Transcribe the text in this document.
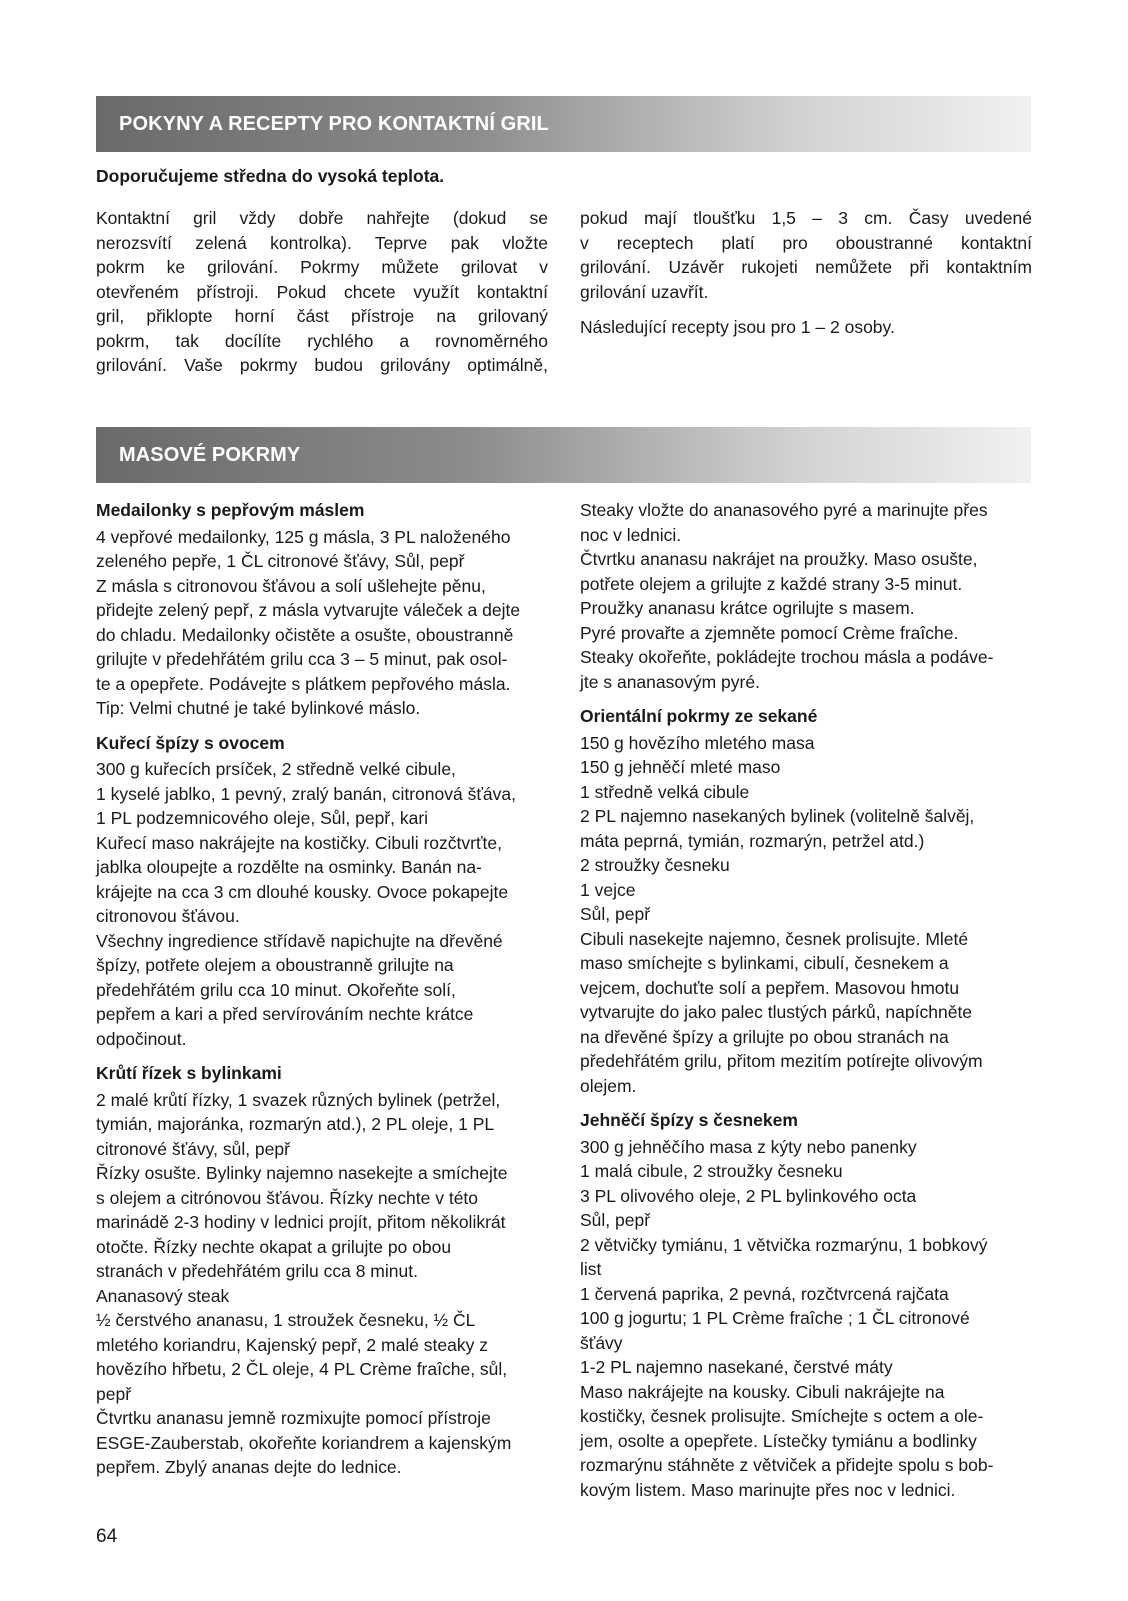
POKYNY A RECEPTY PRO KONTAKTNÍ GRIL
Doporučujeme středna do vysoká teplota.

Kontaktní gril vždy dobře nahřejte (dokud se

nerozsvítí zelená kontrolka). Teprve pak vložte

pokrm ke grilování. Pokrmy můžete grilovat v

otevřeném přístroji. Pokud chcete využít kontaktní

gril, přiklopte horní část přístroje na grilovaný

pokrm, tak docílíte rychlého a rovnoměrného

grilování. Vaše pokrmy budou grilovány optimálně,

pokud mají tloušťku 1,5 – 3 cm. Časy uvedené

v receptech platí pro oboustranné kontaktní

grilování. Uzávěr rukojeti nemůžete při kontaktním

grilování uzavřít.

Následující recepty jsou pro 1 – 2 osoby.

MASOVÉ POKRMY

Medailonky s pepřovým máslem

4 vepřové medailonky, 125 g másla, 3 PL naloženého

zeleného pepře, 1 ČL citronové šťávy, Sůl, pepř

Z másla s citronovou šťávou a solí ušlehejte pěnu,

přidejte zelený pepř, z másla vytvarujte váleček a dejte

do chladu. Medailonky očistěte a osušte, oboustranně

grilujte v předehřátém grilu cca 3 – 5 minut, pak osol-

te a opepřete. Podávejte s plátkem pepřového másla.

Tip: Velmi chutné je také bylinkové máslo.

Kuřecí špízy s ovocem

300 g kuřecích prsíček, 2 středně velké cibule,

1 kyselé jablko, 1 pevný, zralý banán, citronová šťáva,

1 PL podzemnicového oleje, Sůl, pepř, kari

Kuřecí maso nakrájejte na kostičky. Cibuli rozčtvrťte,

jablka oloupejte a rozdělte na osminky. Banán na-

krájejte na cca 3 cm dlouhé kousky. Ovoce pokapejte

citronovou šťávou.

Všechny ingredience střídavě napichujte na dřevěné

špízy, potřete olejem a oboustranně grilujte na

předehřátém grilu cca 10 minut. Okořeňte solí,

pepřem a kari a před servírováním nechte krátce

odpočinout.

Krůtí řízek s bylinkami

2 malé krůtí řízky, 1 svazek různých bylinek (petržel,

tymián, majoránka, rozmarýn atd.), 2 PL oleje, 1 PL

citronové šťávy, sůl, pepř

Řízky osušte. Bylinky najemno nasekejte a smíchejte

s olejem a citrónovou šťávou. Řízky nechte v této

marinádě 2-3 hodiny v lednici projít, přitom několikrát

otočte. Řízky nechte okapat a grilujte po obou

stranách v předehřátém grilu cca 8 minut.

Ananasový steak

½ čerstvého ananasu, 1 stroužek česneku, ½ ČL

mletého koriandru, Kajenský pepř, 2 malé steaky z

hovězího hřbetu, 2 ČL oleje, 4 PL Crème fraîche, sůl,

pepř

Čtvrtku ananasu jemně rozmixujte pomocí přístroje

ESGE-Zauberstab, okořeňte koriandrem a kajenským

pepřem. Zbylý ananas dejte do lednice.

Steaky vložte do ananasového pyré a marinujte přes

noc v lednici.

Čtvrtku ananasu nakrájet na proužky. Maso osušte,

potřete olejem a grilujte z každé strany 3-5 minut.

Proužky ananasu krátce ogrilujte s masem.

Pyré provařte a zjemněte pomocí Crème fraîche.

Steaky okořeňte, pokládejte trochou másla a podáve-

jte s ananasovým pyré.

Orientální pokrmy ze sekané

150 g hovězího mletého masa

150 g jehněčí mleté maso

1 středně velká cibule

2 PL najemno nasekaných bylinek (volitelně šalvěj,

máta peprná, tymián, rozmarýn, petržel atd.)

2 stroužky česneku

1 vejce

Sůl, pepř

Cibuli nasekejte najemno, česnek prolisujte. Mleté

maso smíchejte s bylinkami, cibulí, česnekem a

vejcem, dochuťte solí a pepřem. Masovou hmotu

vytvarujte do jako palec tlustých párků, napíchněte

na dřevěné špízy a grilujte po obou stranách na

předehřátém grilu, přitom mezitím potírejte olivovým

olejem.

Jehněčí špízy s česnekem

300 g jehněčího masa z kýty nebo panenky

1 malá cibule, 2 stroužky česneku

3 PL olivového oleje, 2 PL bylinkového octa

Sůl, pepř

2 větvičky tymiánu, 1 větvička rozmarýnu, 1 bobkový

list

1 červená paprika, 2 pevná, rozčtvrcená rajčata

100 g jogurtu; 1 PL Crème fraîche ; 1 ČL citronové

šťávy

1-2 PL najemno nasekané, čerstvé máty

Maso nakrájejte na kousky. Cibuli nakrájejte na

kostičky, česnek prolisujte. Smíchejte s octem a ole-

jem, osolte a opepřete. Lístečky tymiánu a bodlinky

rozmarýnu stáhněte z větviček a přidejte spolu s bob-

kovým listem. Maso marinujte přes noc v lednici.

64
